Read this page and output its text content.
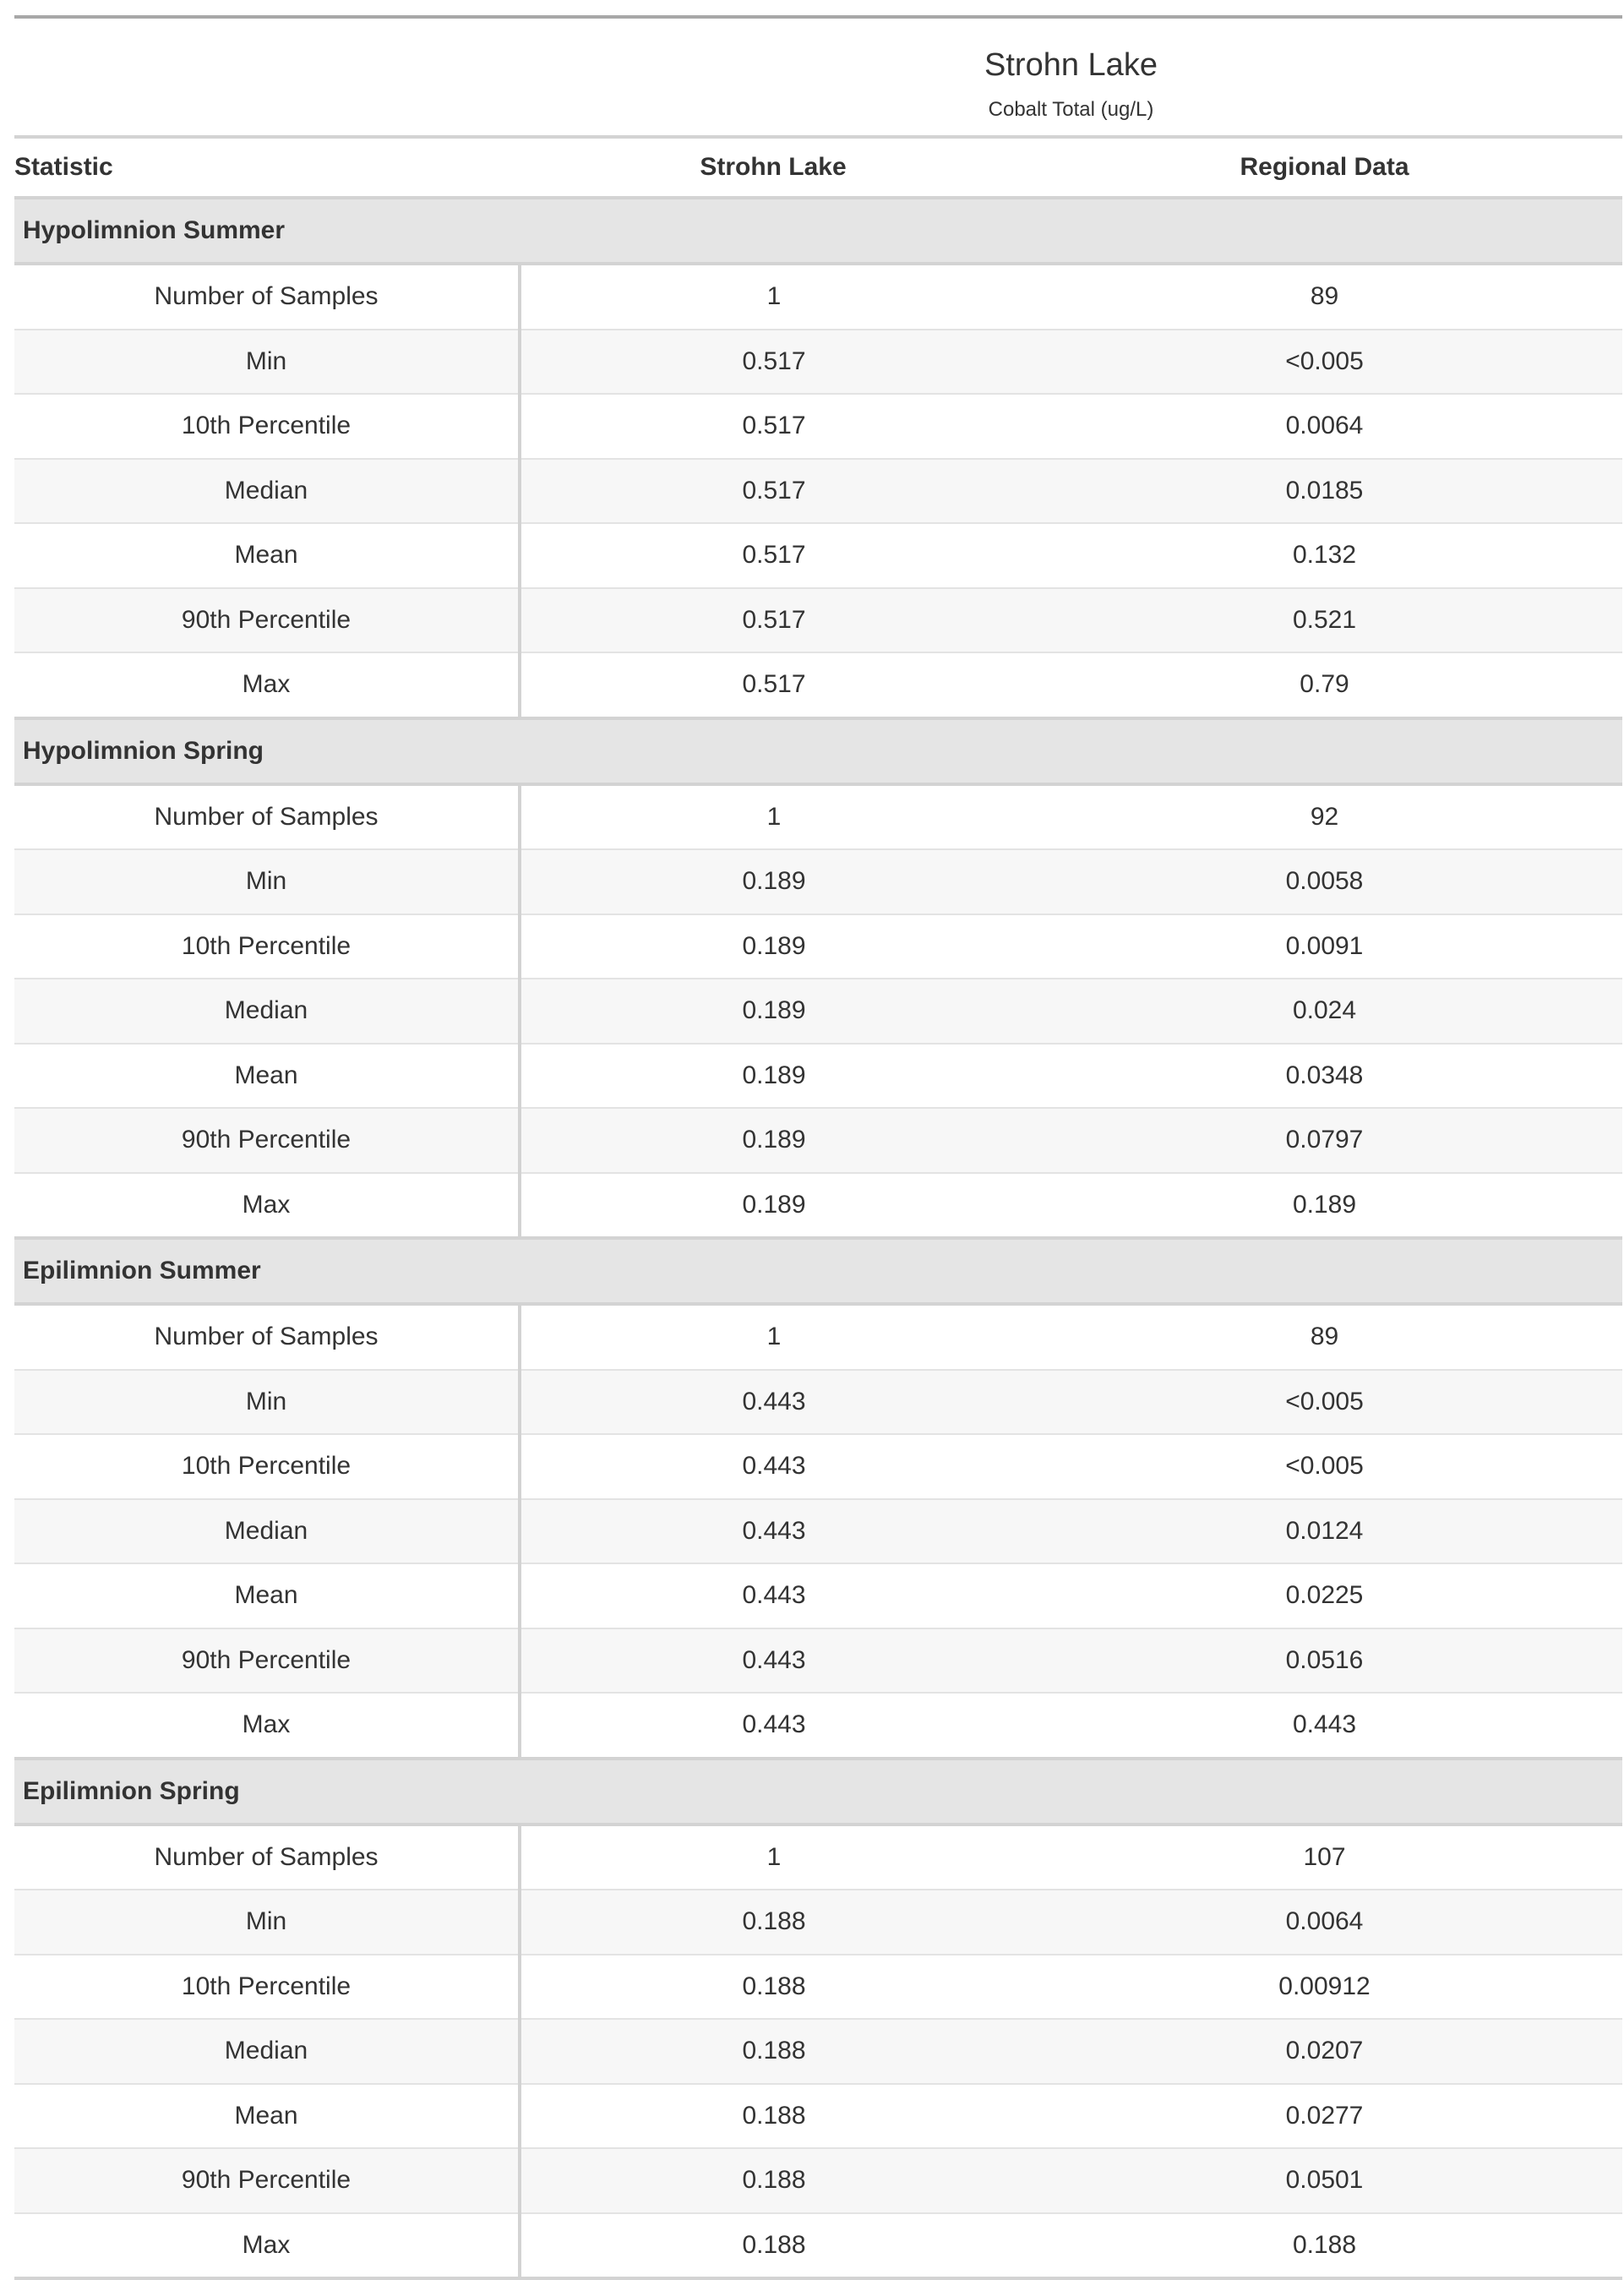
Strohn Lake		

Cobalt Total (ug/L)		

Statistic	Strohn Lake	Regional Data
Hypolimnion Summer		
Number of Samples	1	89
Min	0.517	<0.005
10th Percentile	0.517	0.0064
Median	0.517	0.0185
Mean	0.517	0.132
90th Percentile	0.517	0.521
Max	0.517	0.79
Hypolimnion Spring		
Number of Samples	1	92
Min	0.189	0.0058
10th Percentile	0.189	0.0091
Median	0.189	0.024
Mean	0.189	0.0348
90th Percentile	0.189	0.0797
Max	0.189	0.189
Epilimnion Summer		
Number of Samples	1	89
Min	0.443	<0.005
10th Percentile	0.443	<0.005
Median	0.443	0.0124
Mean	0.443	0.0225
90th Percentile	0.443	0.0516
Max	0.443	0.443
Epilimnion Spring		
Number of Samples	1	107
Min	0.188	0.0064
10th Percentile	0.188	0.00912
Median	0.188	0.0207
Mean	0.188	0.0277
90th Percentile	0.188	0.0501
Max	0.188	0.188
